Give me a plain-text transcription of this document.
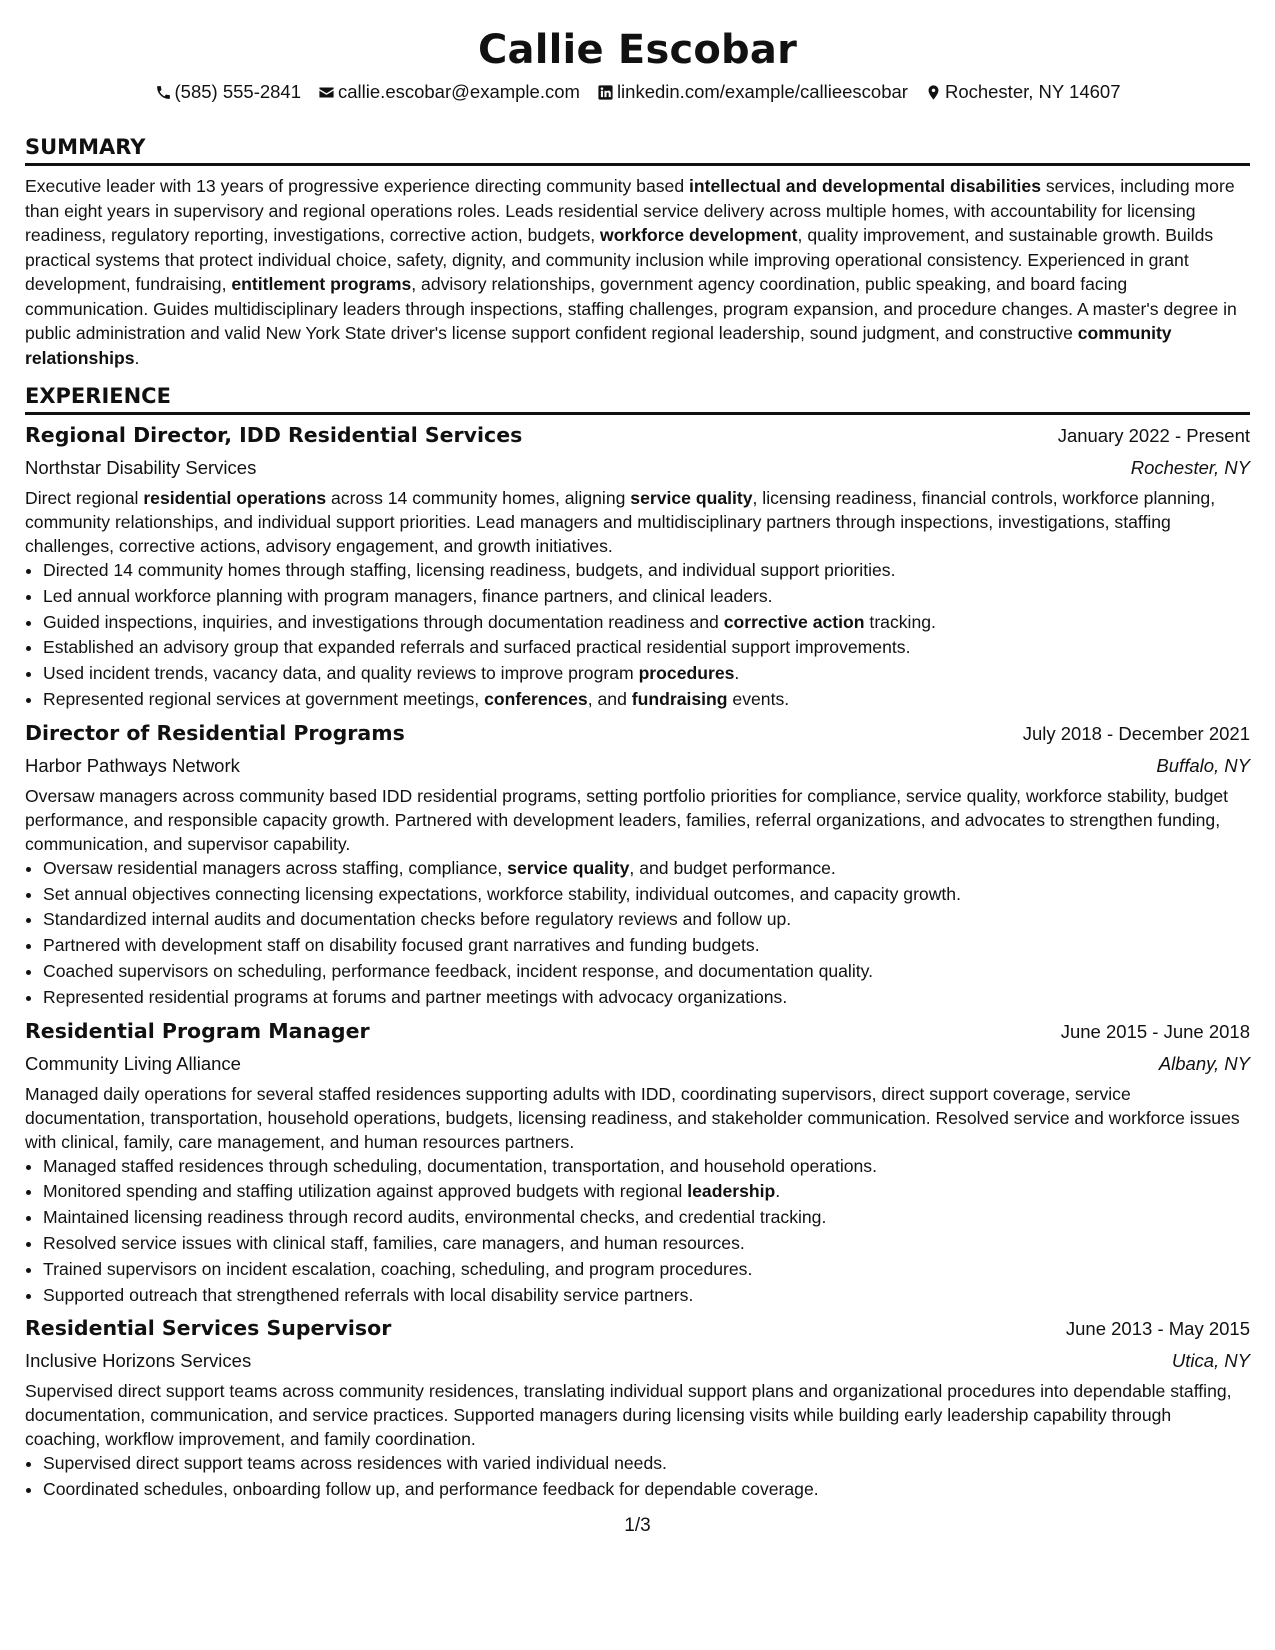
Callie Escobar
(585) 555-2841 callie.escobar@example.com linkedin.com/example/callieescobar Rochester, NY 14607
SUMMARY
Executive leader with 13 years of progressive experience directing community based intellectual and developmental disabilities services, including more than eight years in supervisory and regional operations roles. Leads residential service delivery across multiple homes, with accountability for licensing readiness, regulatory reporting, investigations, corrective action, budgets, workforce development, quality improvement, and sustainable growth. Builds practical systems that protect individual choice, safety, dignity, and community inclusion while improving operational consistency. Experienced in grant development, fundraising, entitlement programs, advisory relationships, government agency coordination, public speaking, and board facing communication. Guides multidisciplinary leaders through inspections, staffing challenges, program expansion, and procedure changes. A master's degree in public administration and valid New York State driver's license support confident regional leadership, sound judgment, and constructive community relationships.
EXPERIENCE
Regional Director, IDD Residential Services	January 2022 - Present
Northstar Disability Services	Rochester, NY
Direct regional residential operations across 14 community homes, aligning service quality, licensing readiness, financial controls, workforce planning, community relationships, and individual support priorities. Lead managers and multidisciplinary partners through inspections, investigations, staffing challenges, corrective actions, advisory engagement, and growth initiatives.
• Directed 14 community homes through staffing, licensing readiness, budgets, and individual support priorities.
• Led annual workforce planning with program managers, finance partners, and clinical leaders.
• Guided inspections, inquiries, and investigations through documentation readiness and corrective action tracking.
• Established an advisory group that expanded referrals and surfaced practical residential support improvements.
• Used incident trends, vacancy data, and quality reviews to improve program procedures.
• Represented regional services at government meetings, conferences, and fundraising events.
Director of Residential Programs	July 2018 - December 2021
Harbor Pathways Network	Buffalo, NY
Oversaw managers across community based IDD residential programs, setting portfolio priorities for compliance, service quality, workforce stability, budget performance, and responsible capacity growth. Partnered with development leaders, families, referral organizations, and advocates to strengthen funding, communication, and supervisor capability.
• Oversaw residential managers across staffing, compliance, service quality, and budget performance.
• Set annual objectives connecting licensing expectations, workforce stability, individual outcomes, and capacity growth.
• Standardized internal audits and documentation checks before regulatory reviews and follow up.
• Partnered with development staff on disability focused grant narratives and funding budgets.
• Coached supervisors on scheduling, performance feedback, incident response, and documentation quality.
• Represented residential programs at forums and partner meetings with advocacy organizations.
Residential Program Manager	June 2015 - June 2018
Community Living Alliance	Albany, NY
Managed daily operations for several staffed residences supporting adults with IDD, coordinating supervisors, direct support coverage, service documentation, transportation, household operations, budgets, licensing readiness, and stakeholder communication. Resolved service and workforce issues with clinical, family, care management, and human resources partners.
• Managed staffed residences through scheduling, documentation, transportation, and household operations.
• Monitored spending and staffing utilization against approved budgets with regional leadership.
• Maintained licensing readiness through record audits, environmental checks, and credential tracking.
• Resolved service issues with clinical staff, families, care managers, and human resources.
• Trained supervisors on incident escalation, coaching, scheduling, and program procedures.
• Supported outreach that strengthened referrals with local disability service partners.
Residential Services Supervisor	June 2013 - May 2015
Inclusive Horizons Services	Utica, NY
Supervised direct support teams across community residences, translating individual support plans and organizational procedures into dependable staffing, documentation, communication, and service practices. Supported managers during licensing visits while building early leadership capability through coaching, workflow improvement, and family coordination.
• Supervised direct support teams across residences with varied individual needs.
• Coordinated schedules, onboarding follow up, and performance feedback for dependable coverage.
1/3
